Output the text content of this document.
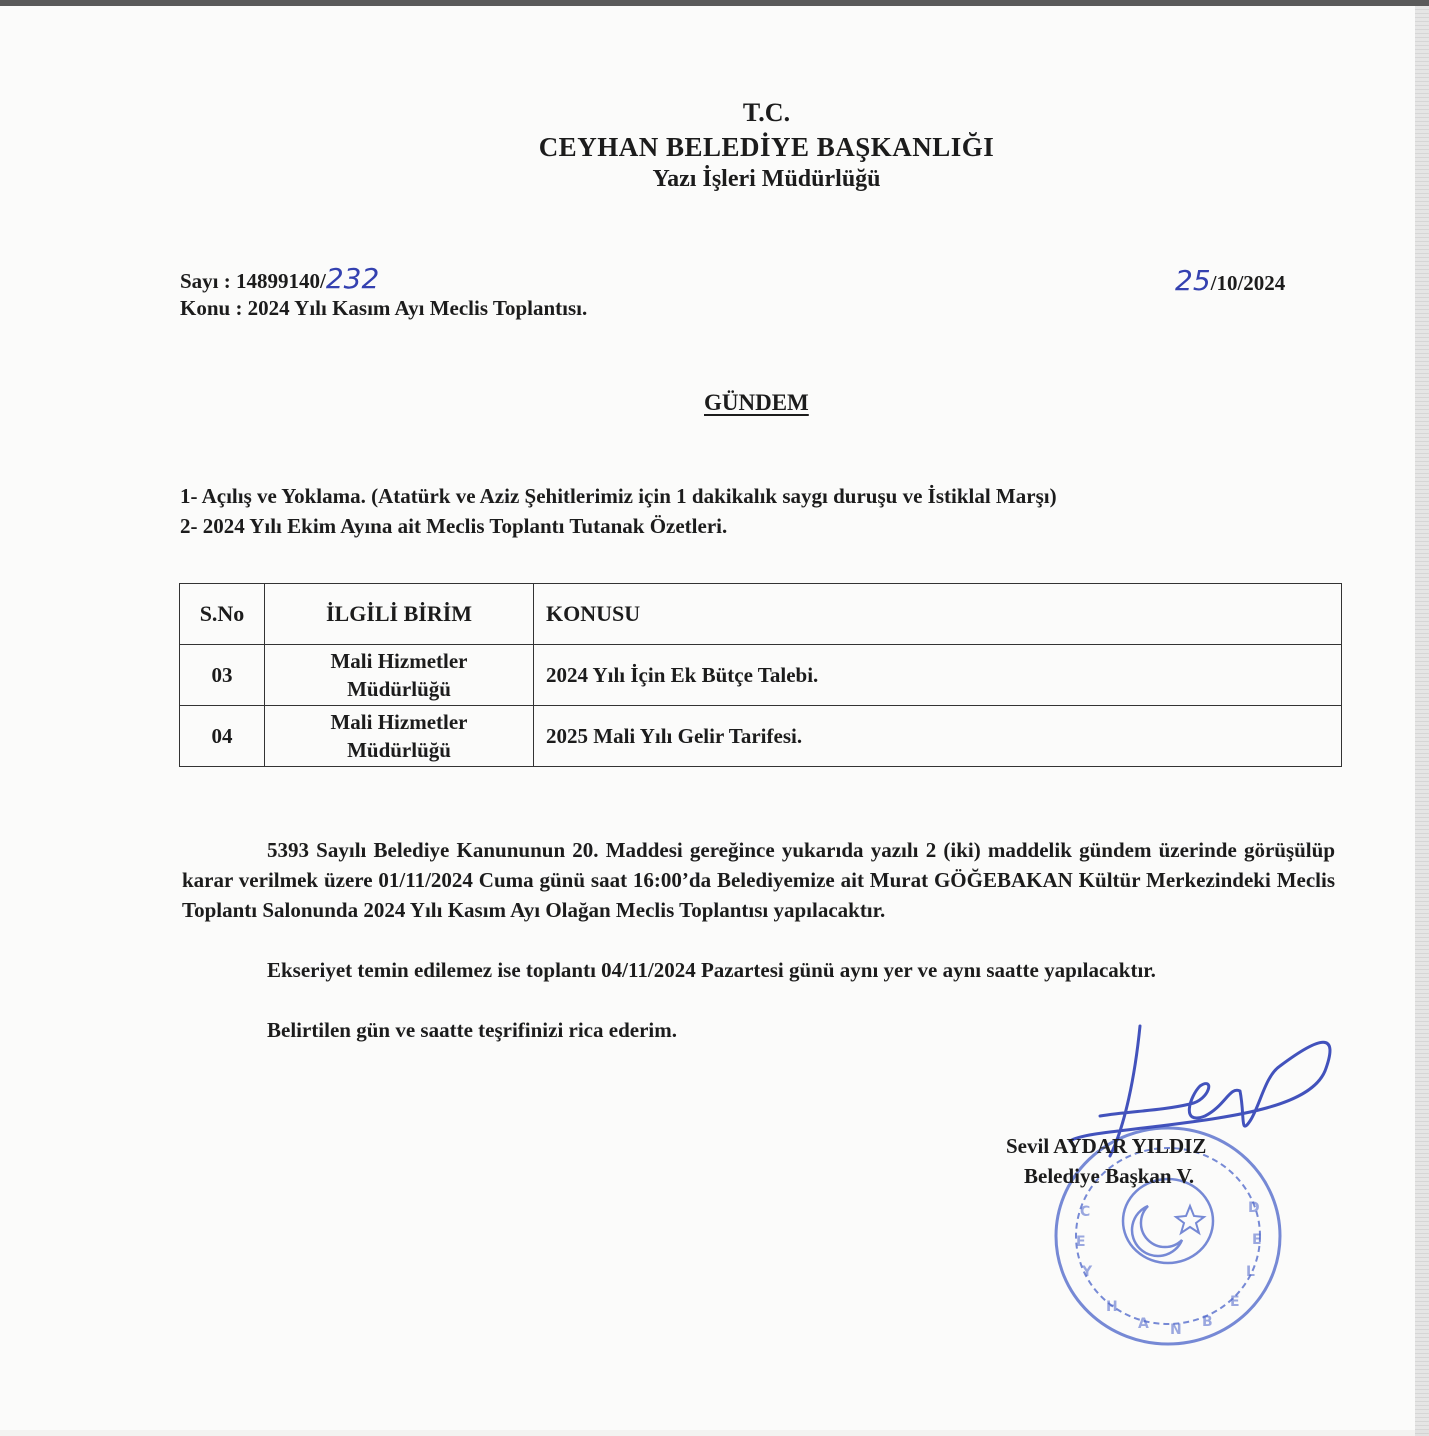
T.C.
CEYHAN BELEDİYE BAŞKANLIĞI
Yazı İşleri Müdürlüğü
Sayı : 14899140/232
Konu : 2024 Yılı Kasım Ayı Meclis Toplantısı.
25/10/2024
GÜNDEM
1- Açılış ve Yoklama. (Atatürk ve Aziz Şehitlerimiz için 1 dakikalık saygı duruşu ve İstiklal Marşı)
2- 2024 Yılı Ekim Ayına ait Meclis Toplantı Tutanak Özetleri.
S.No	İLGİLİ BİRİM	KONUSU
03	Mali Hizmetler Müdürlüğü	2024 Yılı İçin Ek Bütçe Talebi.
04	Mali Hizmetler Müdürlüğü	2025 Mali Yılı Gelir Tarifesi.
5393 Sayılı Belediye Kanununun 20. Maddesi gereğince yukarıda yazılı 2 (iki) maddelik gündem üzerinde görüşülüp karar verilmek üzere 01/11/2024 Cuma günü saat 16:00’da Belediyemize ait Murat GÖĞEBAKAN Kültür Merkezindeki Meclis Toplantı Salonunda 2024 Yılı Kasım Ayı Olağan Meclis Toplantısı yapılacaktır.
Ekseriyet temin edilemez ise toplantı 04/11/2024 Pazartesi günü aynı yer ve aynı saatte yapılacaktır.
Belirtilen gün ve saatte teşrifinizi rica ederim.
C
E
Y
H
A N B
E
L
E
D
Sevil AYDAR YILDIZ
Belediye Başkan V.
